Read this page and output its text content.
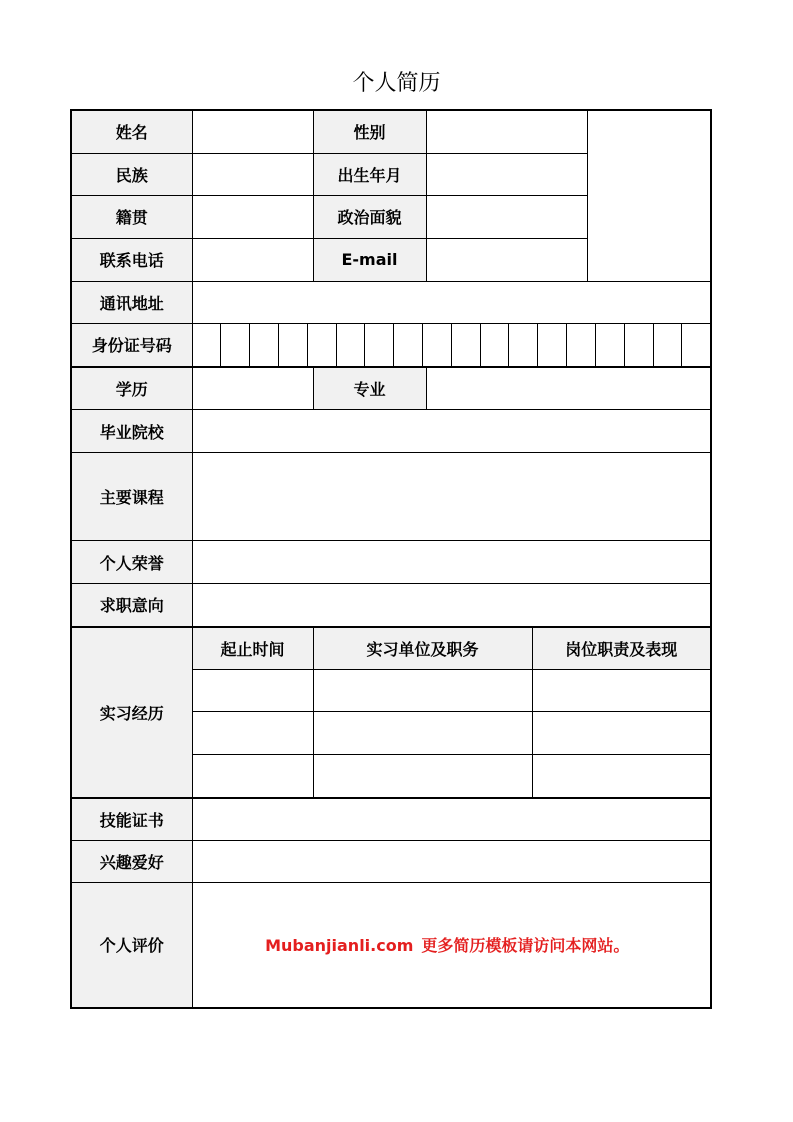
个人简历
姓名		性别			
民族		出生年月			
籍贯		政治面貌			
联系电话		E-mail			
通讯地址					
身份证号码					

学历		专业			
毕业院校					
主要课程					
个人荣誉					
求职意向					
实习经历	起止时间	实习单位及职务		岗位职责及表现	

技能证书					
兴趣爱好					
个人评价	Mubanjianli.com 更多简历模板请访问本网站。				
